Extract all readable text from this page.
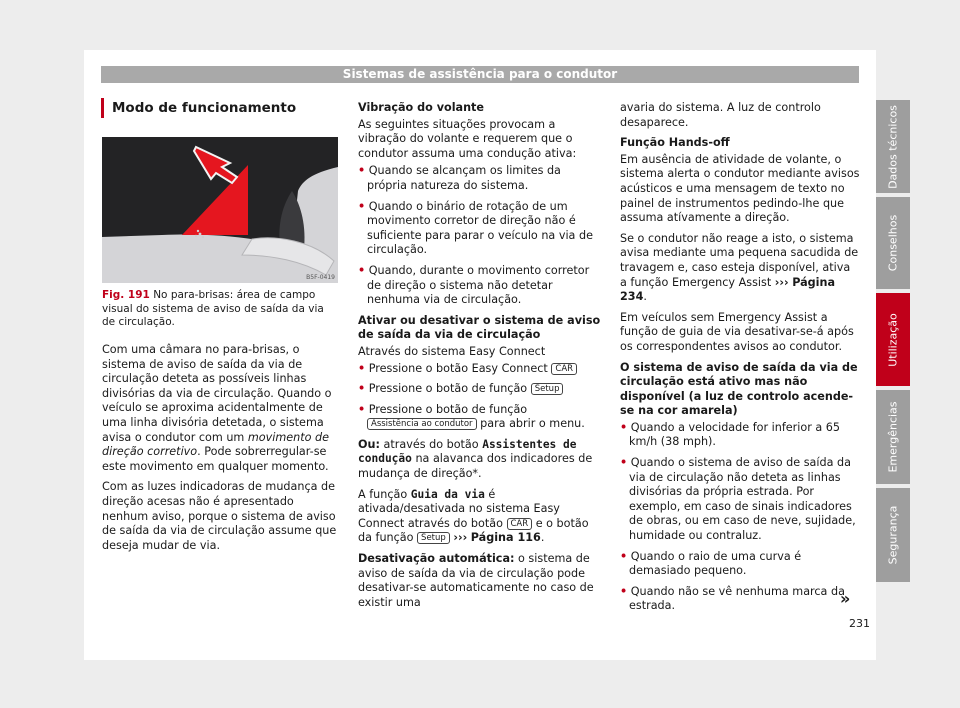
Sistemas de assistência para o condutor
Modo de funcionamento
B5F-0419
Fig. 191 No para-brisas: área de campo visual do sistema de aviso de saída da via de circulação.

Com uma câmara no para-brisas, o sistema de aviso de saída da via de circulação deteta as possíveis linhas divisórias da via de circulação. Quando o veículo se aproxima acidentalmente de uma linha divisória detetada, o sistema avisa o condutor com um movimento de direção corretivo. Pode sobrerregular-se este movimento em qualquer momento.

Com as luzes indicadoras de mudança de direção acesas não é apresentado nenhum aviso, porque o sistema de aviso de saída da via de circulação assume que deseja mudar de via.

Vibração do volante

As seguintes situações provocam a vibração do volante e requerem que o condutor assuma uma condução ativa:

• Quando se alcançam os limites da própria natureza do sistema.

• Quando o binário de rotação de um movimento corretor de direção não é suficiente para parar o veículo na via de circulação.

• Quando, durante o movimento corretor de direção o sistema não detetar nenhuma via de circulação.

Ativar ou desativar o sistema de aviso de saída da via de circulação

Através do sistema Easy Connect

• Pressione o botão Easy Connect CAR

• Pressione o botão de função Setup

• Pressione o botão de função Assistência ao condutor para abrir o menu.

Ou: através do botão Assistentes de condução na alavanca dos indicadores de mudança de direção*.

A função Guia da via é ativada/desativada no sistema Easy Connect através do botão CAR e o botão da função Setup ››› Página 116.

Desativação automática: o sistema de aviso de saída da via de circulação pode desativar-se automaticamente no caso de existir uma

avaria do sistema. A luz de controlo desaparece.

Função Hands-off

Em ausência de atividade de volante, o sistema alerta o condutor mediante avisos acústicos e uma mensagem de texto no painel de instrumentos pedindo-lhe que assuma atívamente a direção.

Se o condutor não reage a isto, o sistema avisa mediante uma pequena sacudida de travagem e, caso esteja disponível, ativa a função Emergency Assist ››› Página 234.

Em veículos sem Emergency Assist a função de guia de via desativar-se-á após os correspondentes avisos ao condutor.

O sistema de aviso de saída da via de circulação está ativo mas não disponível (a luz de controlo acende-se na cor amarela)

• Quando a velocidade for inferior a 65 km/h (38 mph).

• Quando o sistema de aviso de saída da via de circulação não deteta as linhas divisórias da própria estrada. Por exemplo, em caso de sinais indicadores de obras, ou em caso de neve, sujidade, humidade ou contraluz.

• Quando o raio de uma curva é demasiado pequeno.

• Quando não se vê nenhuma marca da estrada.

Dados técnicos
Conselhos
Utilização
Emergências
Segurança
»
231
